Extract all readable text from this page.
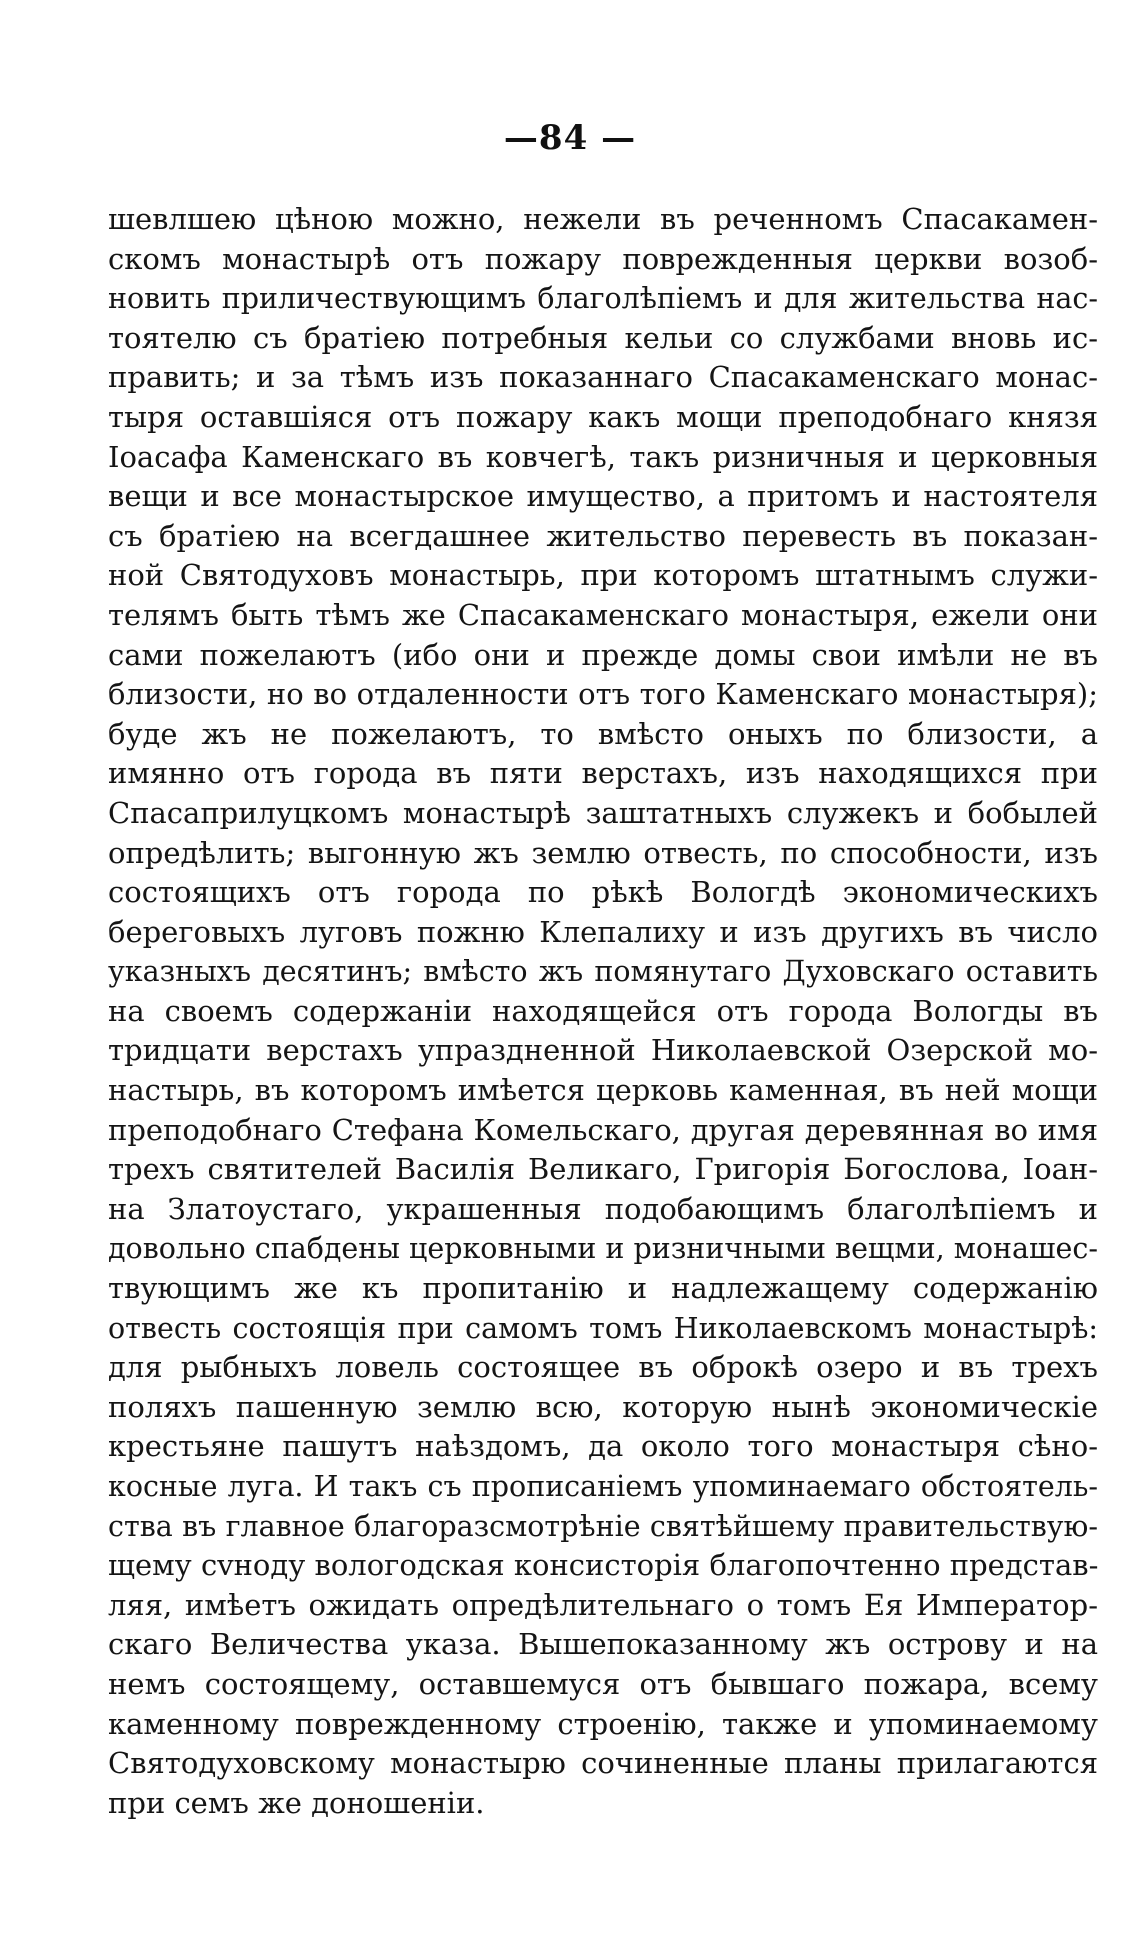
—84 —
шевлшею цѣною можно, нежели въ реченномъ Спасакамен-
скомъ монастырѣ отъ пожару поврежденныя церкви возоб-
новить приличествующимъ благолѣпіемъ и для жительства нас-
тоятелю съ братіею потребныя кельи со службами вновь ис-
править; и за тѣмъ изъ показаннаго Спасакаменскаго монас-
тыря оставшіяся отъ пожару какъ мощи преподобнаго князя
Іоасафа Каменскаго въ ковчегѣ, такъ ризничныя и церковныя
вещи и все монастырское имущество, а притомъ и настоятеля
съ братіею на всегдашнее жительство перевесть въ показан-
ной Святодуховъ монастырь, при которомъ штатнымъ служи-
телямъ быть тѣмъ же Спасакаменскаго монастыря, ежели они
сами пожелаютъ (ибо они и прежде домы свои имѣли не въ
близости, но во отдаленности отъ того Каменскаго монастыря);
буде жъ не пожелаютъ, то вмѣсто оныхъ по близости, а
имянно отъ города въ пяти верстахъ, изъ находящихся при
Спасаприлуцкомъ монастырѣ заштатныхъ служекъ и бобылей
опредѣлить; выгонную жъ землю отвесть, по способности, изъ
состоящихъ отъ города по рѣкѣ Вологдѣ экономическихъ
береговыхъ луговъ пожню Клепалиху и изъ другихъ въ число
указныхъ десятинъ; вмѣсто жъ помянутаго Духовскаго оставить
на своемъ содержаніи находящейся отъ города Вологды въ
тридцати верстахъ упраздненной Николаевской Озерской мо-
настырь, въ которомъ имѣется церковь каменная, въ ней мощи
преподобнаго Стефана Комельскаго, другая деревянная во имя
трехъ святителей Василія Великаго, Григорія Богослова, Іоан-
на Златоустаго, украшенныя подобающимъ благолѣпіемъ и
довольно спабдены церковными и ризничными вещми, монашес-
твующимъ же къ пропитанію и надлежащему содержанію
отвесть состоящія при самомъ томъ Николаевскомъ монастырѣ:
для рыбныхъ ловель состоящее въ оброкѣ озеро и въ трехъ
поляхъ пашенную землю всю, которую нынѣ экономическіе
крестьяне пашутъ наѣздомъ, да около того монастыря сѣно-
косные луга. И такъ съ прописаніемъ упоминаемаго обстоятель-
ства въ главное благоразсмотрѣніе святѣйшему правительствую-
щему сvноду вологодская консисторія благопочтенно представ-
ляя, имѣетъ ожидать опредѣлительнаго о томъ Ея Император-
скаго Величества указа. Вышепоказанному жъ острову и на
немъ состоящему, оставшемуся отъ бывшаго пожара, всему
каменному поврежденному строенію, также и упоминаемому
Святодуховскому монастырю сочиненные планы прилагаются
при семъ же доношеніи.
